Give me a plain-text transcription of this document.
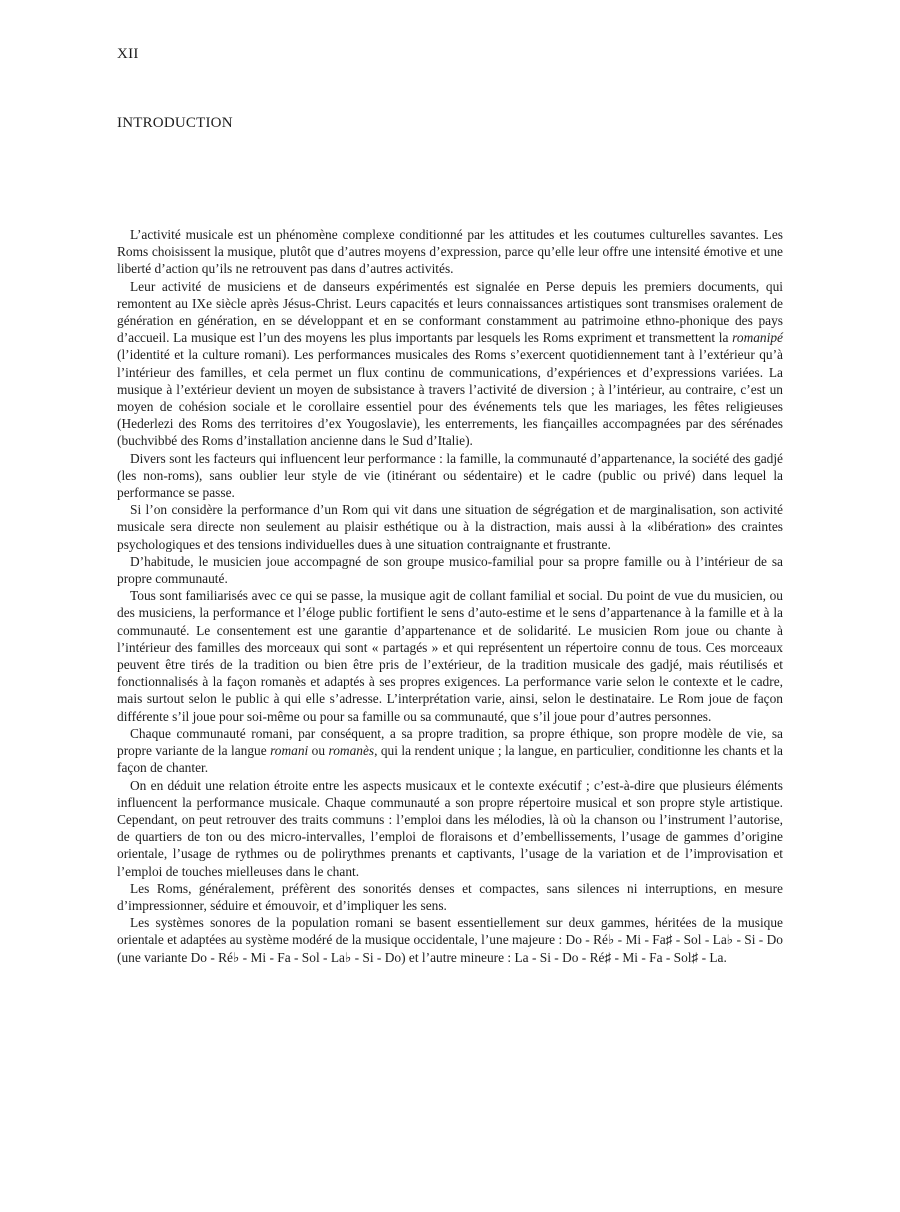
XII
INTRODUCTION

L’activité musicale est un phénomène complexe conditionné par les attitudes et les coutumes culturelles savantes. Les Roms choisissent la musique, plutôt que d’autres moyens d’expression, parce qu’elle leur offre une intensité émotive et une liberté d’action qu’ils ne retrouvent pas dans d’autres activités.

Leur activité de musiciens et de danseurs expérimentés est signalée en Perse depuis les premiers documents, qui remontent au IXe siècle après Jésus-Christ. Leurs capacités et leurs connaissances artistiques sont transmises oralement de génération en génération, en se développant et en se conformant constamment au patrimoine ethno-phonique des pays d’accueil. La musique est l’un des moyens les plus importants par lesquels les Roms expriment et transmettent la romanipé (l’identité et la culture romani). Les performances musicales des Roms s’exercent quotidiennement tant à l’extérieur qu’à l’intérieur des familles, et cela permet un flux continu de communications, d’expériences et d’expressions variées. La musique à l’extérieur devient un moyen de subsistance à travers l’activité de diversion ; à l’intérieur, au contraire, c’est un moyen de cohésion sociale et le corollaire essentiel pour des événements tels que les mariages, les fêtes religieuses (Hederlezi des Roms des territoires d’ex Yougoslavie), les enterrements, les fiançailles accompagnées par des sérénades (buchvibbé des Roms d’installation ancienne dans le Sud d’Italie).

Divers sont les facteurs qui influencent leur performance : la famille, la communauté d’appartenance, la société des gadjé (les non-roms), sans oublier leur style de vie (itinérant ou sédentaire) et le cadre (public ou privé) dans lequel la performance se passe.

Si l’on considère la performance d’un Rom qui vit dans une situation de ségrégation et de marginalisation, son activité musicale sera directe non seulement au plaisir esthétique ou à la distraction, mais aussi à la «libération» des craintes psychologiques et des tensions individuelles dues à une situation contraignante et frustrante.

D’habitude, le musicien joue accompagné de son groupe musico-familial pour sa propre famille ou à l’intérieur de sa propre communauté.

Tous sont familiarisés avec ce qui se passe, la musique agit de collant familial et social. Du point de vue du musicien, ou des musiciens, la performance et l’éloge public fortifient le sens d’auto-estime et le sens d’appartenance à la famille et à la communauté. Le consentement est une garantie d’appartenance et de solidarité. Le musicien Rom joue ou chante à l’intérieur des familles des morceaux qui sont « partagés » et qui représentent un répertoire connu de tous. Ces morceaux peuvent être tirés de la tradition ou bien être pris de l’extérieur, de la tradition musicale des gadjé, mais réutilisés et fonctionnalisés à la façon romanès et adaptés à ses propres exigences. La performance varie selon le contexte et le cadre, mais surtout selon le public à qui elle s’adresse. L’interprétation varie, ainsi, selon le destinataire. Le Rom joue de façon différente s’il joue pour soi-même ou pour sa famille ou sa communauté, que s’il joue pour d’autres personnes.

Chaque communauté romani, par conséquent, a sa propre tradition, sa propre éthique, son propre modèle de vie, sa propre variante de la langue romani ou romanès, qui la rendent unique ; la langue, en particulier, conditionne les chants et la façon de chanter.

On en déduit une relation étroite entre les aspects musicaux et le contexte exécutif ; c’est-à-dire que plusieurs éléments influencent la performance musicale. Chaque communauté a son propre répertoire musical et son propre style artistique. Cependant, on peut retrouver des traits communs : l’emploi dans les mélodies, là où la chanson ou l’instrument l’autorise, de quartiers de ton ou des micro-intervalles, l’emploi de floraisons et d’embellissements, l’usage de gammes d’origine orientale, l’usage de rythmes ou de polirythmes prenants et captivants, l’usage de la variation et de l’improvisation et l’emploi de touches mielleuses dans le chant.

Les Roms, généralement, préfèrent des sonorités denses et compactes, sans silences ni interruptions, en mesure d’impressionner, séduire et émouvoir, et d’impliquer les sens.

Les systèmes sonores de la population romani se basent essentiellement sur deux gammes, héritées de la musique orientale et adaptées au système modéré de la musique occidentale, l’une majeure : Do - Ré♭ - Mi - Fa♯ - Sol - La♭ - Si - Do (une variante Do - Ré♭ - Mi - Fa - Sol - La♭ - Si - Do) et l’autre mineure : La - Si - Do - Ré♯ - Mi - Fa - Sol♯ - La.
